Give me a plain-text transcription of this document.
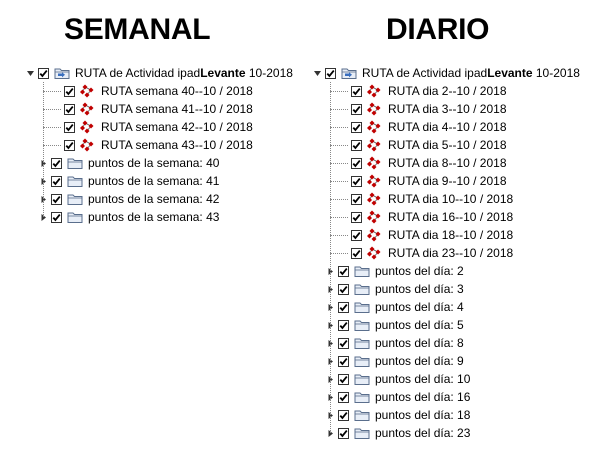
SEMANAL	DIARIO
RUTA de Actividad ipadLevante 10-2018
RUTA semana 40--10 / 2018
RUTA semana 41--10 / 2018
RUTA semana 42--10 / 2018
RUTA semana 43--10 / 2018
puntos de la semana: 40
puntos de la semana: 41
puntos de la semana: 42
puntos de la semana: 43
RUTA de Actividad ipadLevante 10-2018
RUTA dia 2--10 / 2018
RUTA dia 3--10 / 2018
RUTA dia 4--10 / 2018
RUTA dia 5--10 / 2018
RUTA dia 8--10 / 2018
RUTA dia 9--10 / 2018
RUTA dia 10--10 / 2018
RUTA dia 16--10 / 2018
RUTA dia 18--10 / 2018
RUTA dia 23--10 / 2018
puntos del día: 2
puntos del día: 3
puntos del día: 4
puntos del día: 5
puntos del día: 8
puntos del día: 9
puntos del día: 10
puntos del día: 16
puntos del día: 18
puntos del día: 23
